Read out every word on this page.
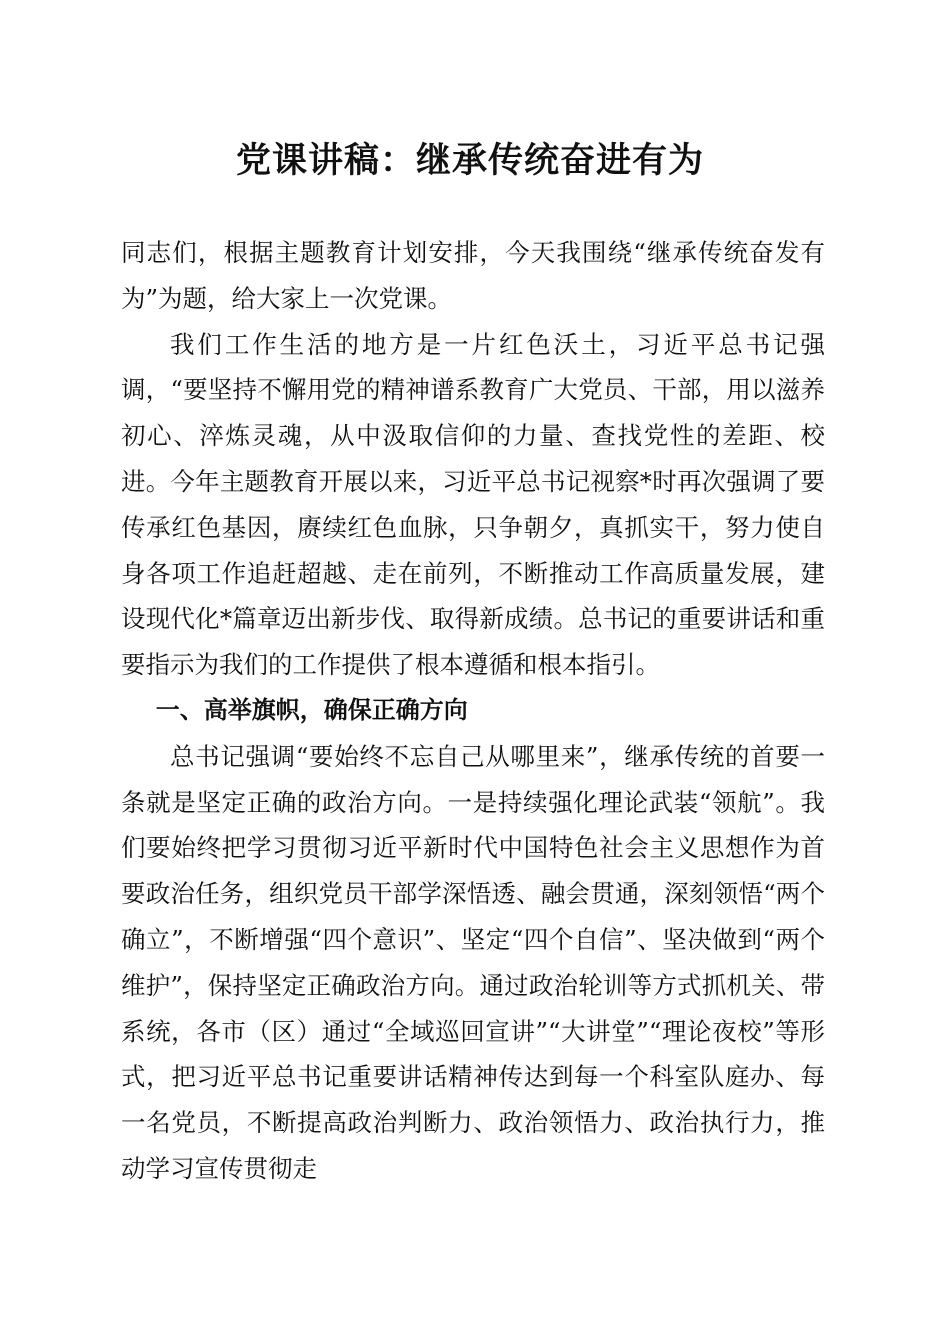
党课讲稿：继承传统奋进有为

同志们，根据主题教育计划安排，今天我围绕“继承传统奋发有为”为题，给大家上一次党课。

我们工作生活的地方是一片红色沃土，习近平总书记强调，“要坚持不懈用党的精神谱系教育广大党员、干部，用以滋养初心、淬炼灵魂，从中汲取信仰的力量、查找党性的差距、校进。今年主题教育开展以来，习近平总书记视察*时再次强调了要传承红色基因，赓续红色血脉，只争朝夕，真抓实干，努力使自身各项工作追赶超越、走在前列，不断推动工作高质量发展，建设现代化*篇章迈出新步伐、取得新成绩。总书记的重要讲话和重要指示为我们的工作提供了根本遵循和根本指引。

一、高举旗帜，确保正确方向

总书记强调“要始终不忘自己从哪里来”，继承传统的首要一条就是坚定正确的政治方向。一是持续强化理论武装“领航”。我们要始终把学习贯彻习近平新时代中国特色社会主义思想作为首要政治任务，组织党员干部学深悟透、融会贯通，深刻领悟“两个确立”，不断增强“四个意识”、坚定“四个自信”、坚决做到“两个维护”，保持坚定正确政治方向。通过政治轮训等方式抓机关、带系统，各市（区）通过“全域巡回宣讲”“大讲堂”“理论夜校”等形式，把习近平总书记重要讲话精神传达到每一个科室队庭办、每一名党员，不断提高政治判断力、政治领悟力、政治执行力，推动学习宣传贯彻走
